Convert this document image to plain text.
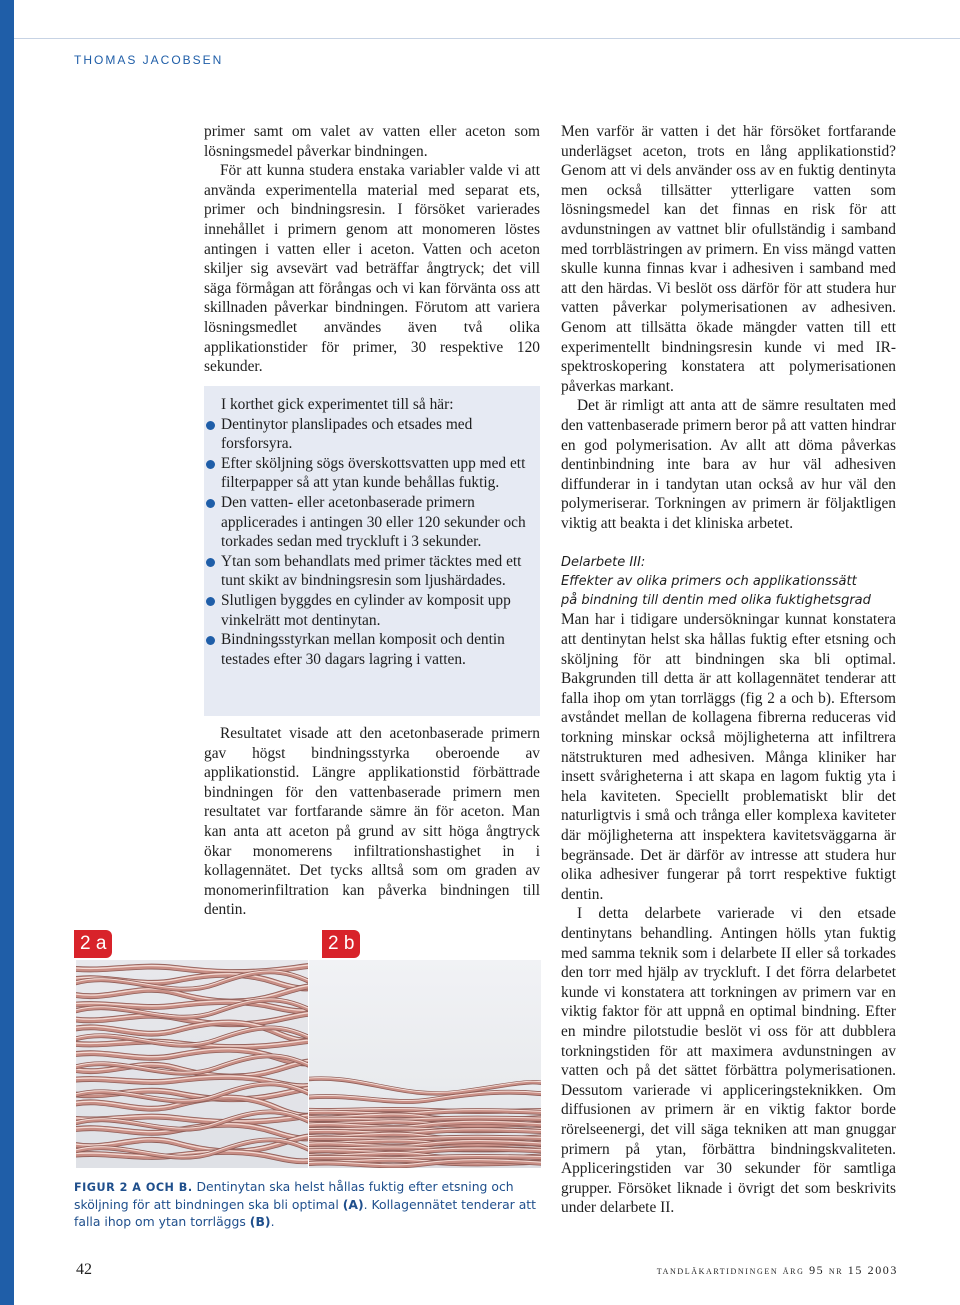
THOMAS JACOBSEN

primer samt om valet av vatten eller aceton som lösningsmedel påverkar bindningen.

För att kunna studera enstaka variabler valde vi att använda experimentella material med separat ets, primer och bindningsresin. I försöket varierades innehållet i primern genom att monomeren löstes antingen i vatten eller i aceton. Vatten och aceton skiljer sig avsevärt vad beträffar ångtryck; det vill säga förmågan att förångas och vi kan förvänta oss att skillnaden påverkar bindningen. Förutom att variera lösningsmedlet användes även två olika applikationstider för primer, 30 respektive 120 sekunder.

I korthet gick experimentet till så här:

Dentinytor planslipades och etsades med forsforsyra.
Efter sköljning sögs överskottsvatten upp med ett filterpapper så att ytan kunde behållas fuktig.
Den vatten- eller acetonbaserade primern applicerades i antingen 30 eller 120 sekunder och torkades sedan med tryckluft i 3 sekunder.
Ytan som behandlats med primer täcktes med ett tunt skikt av bindningsresin som ljushärdades.
Slutligen byggdes en cylinder av komposit upp vinkelrätt mot dentinytan.
Bindningsstyrkan mellan komposit och dentin testades efter 30 dagars lagring i vatten.

Resultatet visade att den acetonbaserade primern gav högst bindningsstyrka oberoende av applikationstid. Längre applikationstid förbättrade bindningen för den vattenbaserade primern men resultatet var fortfarande sämre än för aceton. Man kan anta att aceton på grund av sitt höga ångtryck ökar monomerens infiltrationshastighet in i kollagennätet. Det tycks alltså som om graden av monomerinfiltration kan påverka bindningen till dentin.

Men varför är vatten i det här försöket fortfarande underlägset aceton, trots en lång applikationstid? Genom att vi dels använder oss av en fuktig dentinyta men också tillsätter ytterligare vatten som lösningsmedel kan det finnas en risk för att avdunstningen av vattnet blir ofullständig i samband med torrblästringen av primern. En viss mängd vatten skulle kunna finnas kvar i adhesiven i samband med att den härdas. Vi beslöt oss därför för att studera hur vatten påverkar polymerisationen av adhesiven. Genom att tillsätta ökade mängder vatten till ett experimentellt bindningsresin kunde vi med IR-spektroskopering konstatera att polymerisationen påverkas markant.

Det är rimligt att anta att de sämre resultaten med den vattenbaserade primern beror på att vatten hindrar en god polymerisation. Av allt att döma påverkas dentinbindning inte bara av hur väl adhesiven diffunderar in i tandytan utan också av hur väl den polymeriserar. Torkningen av primern är följaktligen viktig att beakta i det kliniska arbetet.

Delarbete III:
Effekter av olika primers och applikationssätt
på bindning till dentin med olika fuktighetsgrad

Man har i tidigare undersökningar kunnat konstatera att dentinytan helst ska hållas fuktig efter etsning och sköljning för att bindningen ska bli optimal. Bakgrunden till detta är att kollagennätet tenderar att falla ihop om ytan torrläggs (fig 2 a och b). Eftersom avståndet mellan de kollagena fibrerna reduceras vid torkning minskar också möjligheterna att infiltrera nätstrukturen med adhesiven. Många kliniker har insett svårigheterna i att skapa en lagom fuktig yta i hela kaviteten. Speciellt problematiskt blir det naturligtvis i små och trånga eller komplexa kaviteter där möjligheterna att inspektera kavitetsväggarna är begränsade. Det är därför av intresse att studera hur olika adhesiver fungerar på torrt respektive fuktigt dentin.

I detta delarbete varierade vi den etsade dentinytans behandling. Antingen hölls ytan fuktig med samma teknik som i delarbete II eller så torkades den torr med hjälp av tryckluft. I det förra delarbetet kunde vi konstatera att torkningen av primern var en viktig faktor för att uppnå en optimal bindning. Efter en mindre pilotstudie beslöt vi oss för att dubblera torkningstiden för att maximera avdunstningen av vatten och på det sättet förbättra polymerisationen. Dessutom varierade vi appliceringsteknikken. Om diffusionen av primern är en viktig faktor borde rörelseenergi, det vill säga tekniken att man gnuggar primern på ytan, förbättra bindningskvaliteten. Appliceringstiden var 30 sekunder för samtliga grupper. Försöket liknade i övrigt det som beskrivits under delarbete II.

2 a	2 b
FIGUR 2 A OCH B. Dentinytan ska helst hållas fuktig efter etsning och sköljning för att bindningen ska bli optimal (A). Kollagennätet tenderar att falla ihop om ytan torrläggs (B).
42	tandläkartidningen årg 95 nr 15 2003
